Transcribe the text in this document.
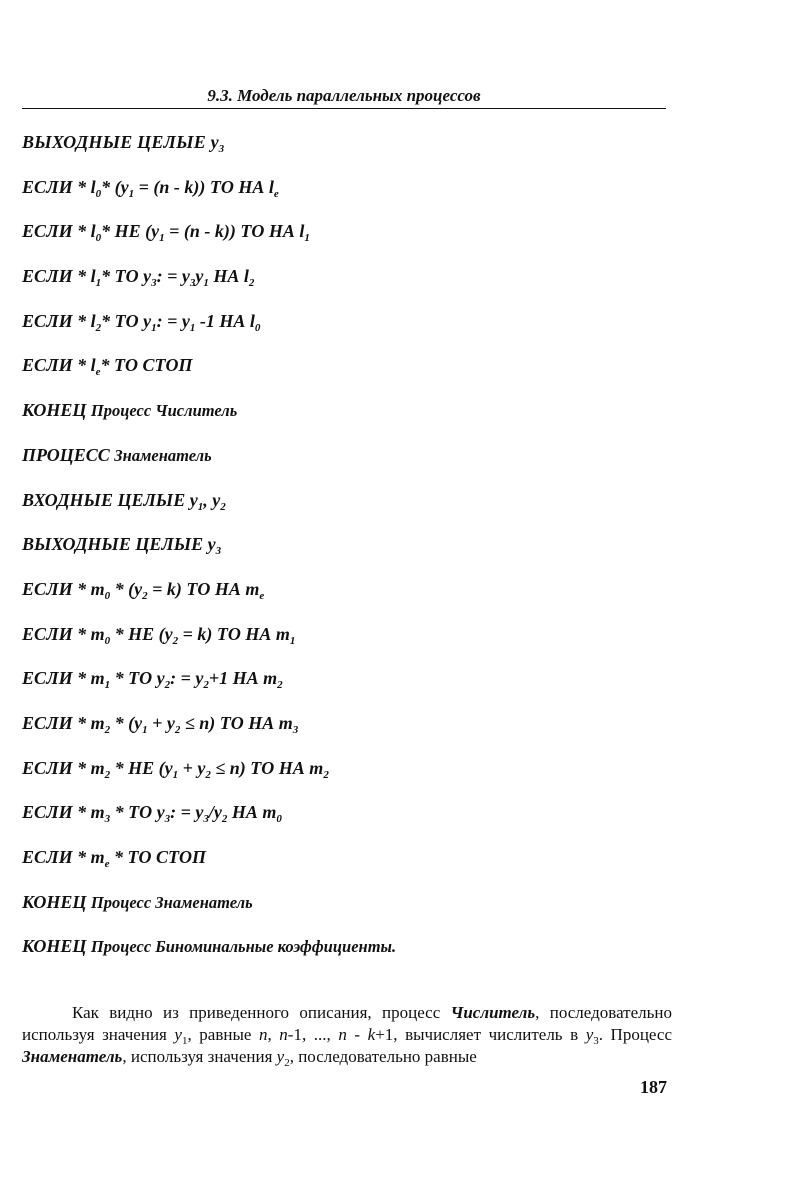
9.3. Модель параллельных процессов
ВЫХОДНЫЕ ЦЕЛЫЕ $y_3$
ЕСЛИ * $l_0*$ $(y_1 = (n - k))$ ТО НА $l_e$
ЕСЛИ * $l_0*$ НЕ $(y_1 = (n - k))$ ТО НА $l_1$
ЕСЛИ * $l_1*$ ТО $y_3$: = $y_3y_1$ НА $l_2$
ЕСЛИ * $l_2*$ ТО $y_1$: = $y_1$ -1 НА $l_0$
ЕСЛИ * $l_e*$ ТО СТОП
КОНЕЦ Процесс Числитель
ПРОЦЕСС Знаменатель
ВХОДНЫЕ ЦЕЛЫЕ $y_1$, $y_2$
ВЫХОДНЫЕ ЦЕЛЫЕ $y_3$
ЕСЛИ * $m_0 * (y_2 = k)$ ТО НА $m_e$
ЕСЛИ * $m_0$ * НЕ $(y_2 = k)$ ТО НА $m_1$
ЕСЛИ * $m_1$ * ТО $y_2$: = $y_2+1$ НА $m_2$
ЕСЛИ * $m_2 * (y_1 + y_2 \le n)$ ТО НА $m_3$
ЕСЛИ * $m_2$ * НЕ $(y_1 + y_2 \le n)$ ТО НА $m_2$
ЕСЛИ * $m_3$ * ТО $y_3$: = $y_3/y_2$ НА $m_0$
ЕСЛИ * $m_e$ * ТО СТОП
КОНЕЦ Процесс Знаменатель
КОНЕЦ Процесс Биноминальные коэффициенты.
Как видно из приведенного описания, процесс Числитель, последовательно используя значения $y_1$, равные n, n-1, ..., n - k+1, вычисляет числитель в $y_3$. Процесс Знаменатель, используя значения $y_2$, последовательно равные
187
